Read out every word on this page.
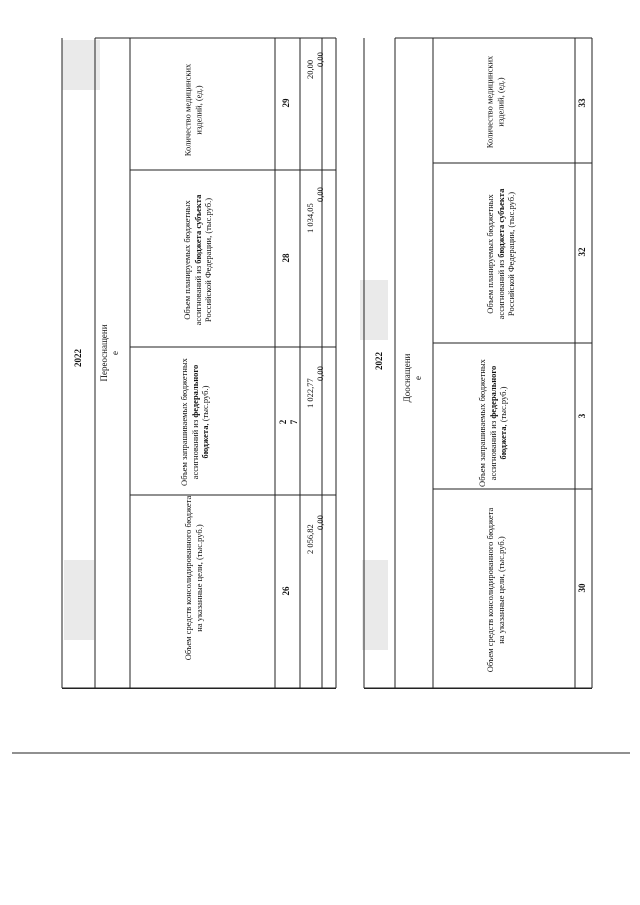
2022 Переоснащени
е
Объем средств консолидированного бюджета на указанные цели, (тыс.руб.)
Объем запрашиваемых бюджетных ассигнований из федерального бюджета, (тыс.руб.)
Объем планируемых бюджетных ассигнований из бюджета субъекта Российской Федерации, (тыс.руб.)
Количество медицинских изделий, (ед.)
26
2
7
28
29
2 056,82
1 022,77
1 034,05
20,00
0,00
0,00
0,00
0,00
2022 Дооснащени
е
Объем средств консолидированного бюджета на указанные цели, (тыс.руб.)
Объем запрашиваемых бюджетных ассигнований из федерального бюджета, (тыс.руб.)
Объем планируемых бюджетных ассигнований из бюджета субъекта Российской Федерации, (тыс.руб.)
Количество медицинских изделий, (ед.)
30
3
32
33
